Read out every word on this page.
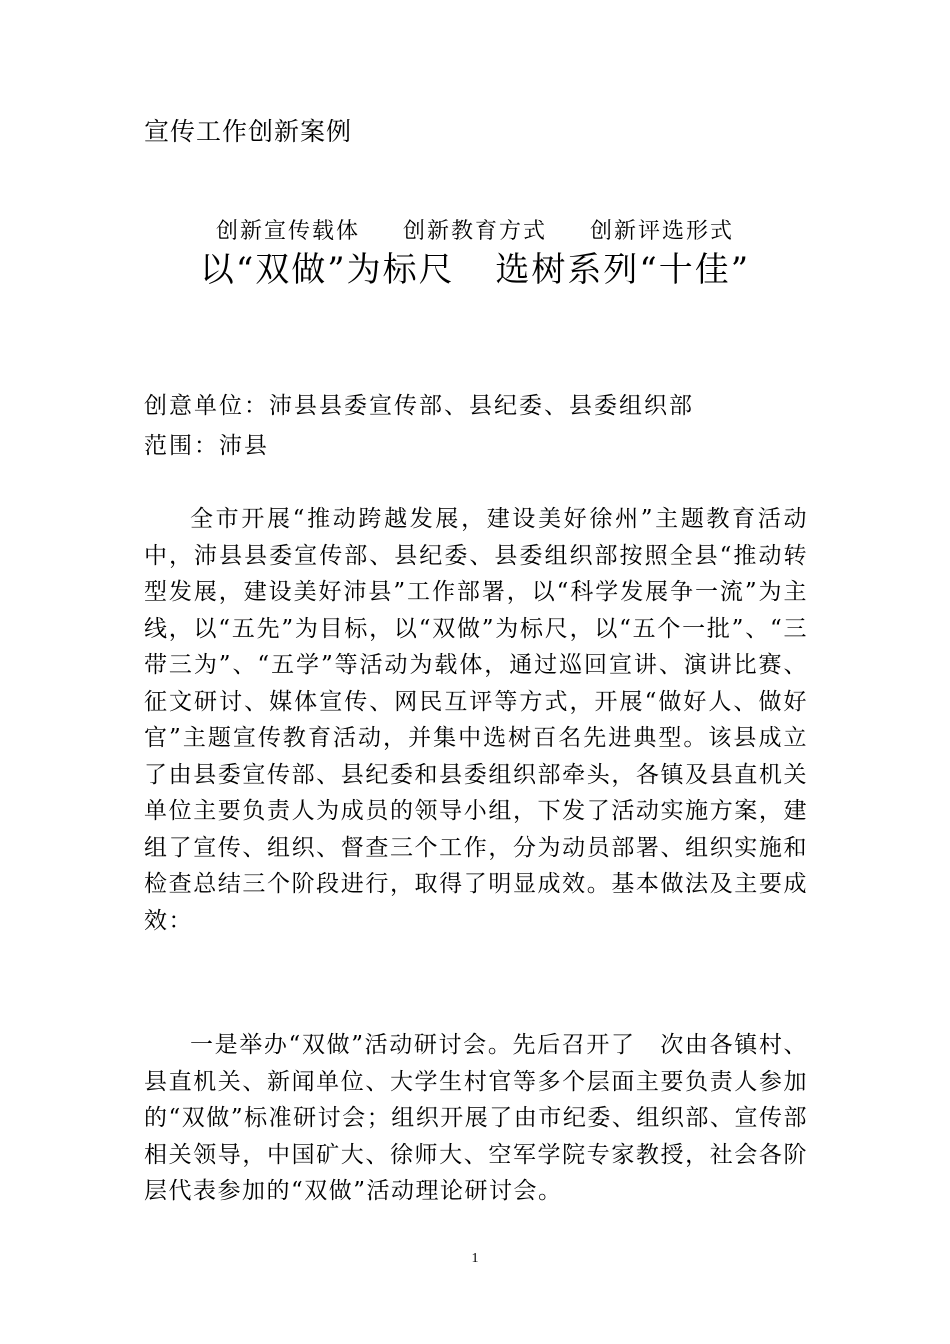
宣传工作创新案例
创新宣传载体 创新教育方式 创新评选形式
以“双做”为标尺 选树系列“十佳”
创意单位：沛县县委宣传部、县纪委、县委组织部
范围：沛县

全市开展“推动跨越发展，建设美好徐州”主题教育活动中，沛县县委宣传部、县纪委、县委组织部按照全县“推动转型发展，建设美好沛县”工作部署，以“科学发展争一流”为主线，以“五先”为目标，以“双做”为标尺，以“五个一批”、“三带三为”、“五学”等活动为载体，通过巡回宣讲、演讲比赛、征文研讨、媒体宣传、网民互评等方式，开展“做好人、做好官”主题宣传教育活动，并集中选树百名先进典型。该县成立了由县委宣传部、县纪委和县委组织部牵头，各镇及县直机关单位主要负责人为成员的领导小组，下发了活动实施方案，建组了宣传、组织、督查三个工作，分为动员部署、组织实施和检查总结三个阶段进行，取得了明显成效。基本做法及主要成效：

一是举办“双做”活动研讨会。先后召开了　次由各镇村、县直机关、新闻单位、大学生村官等多个层面主要负责人参加的“双做”标准研讨会；组织开展了由市纪委、组织部、宣传部相关领导，中国矿大、徐师大、空军学院专家教授，社会各阶层代表参加的“双做”活动理论研讨会。

1
